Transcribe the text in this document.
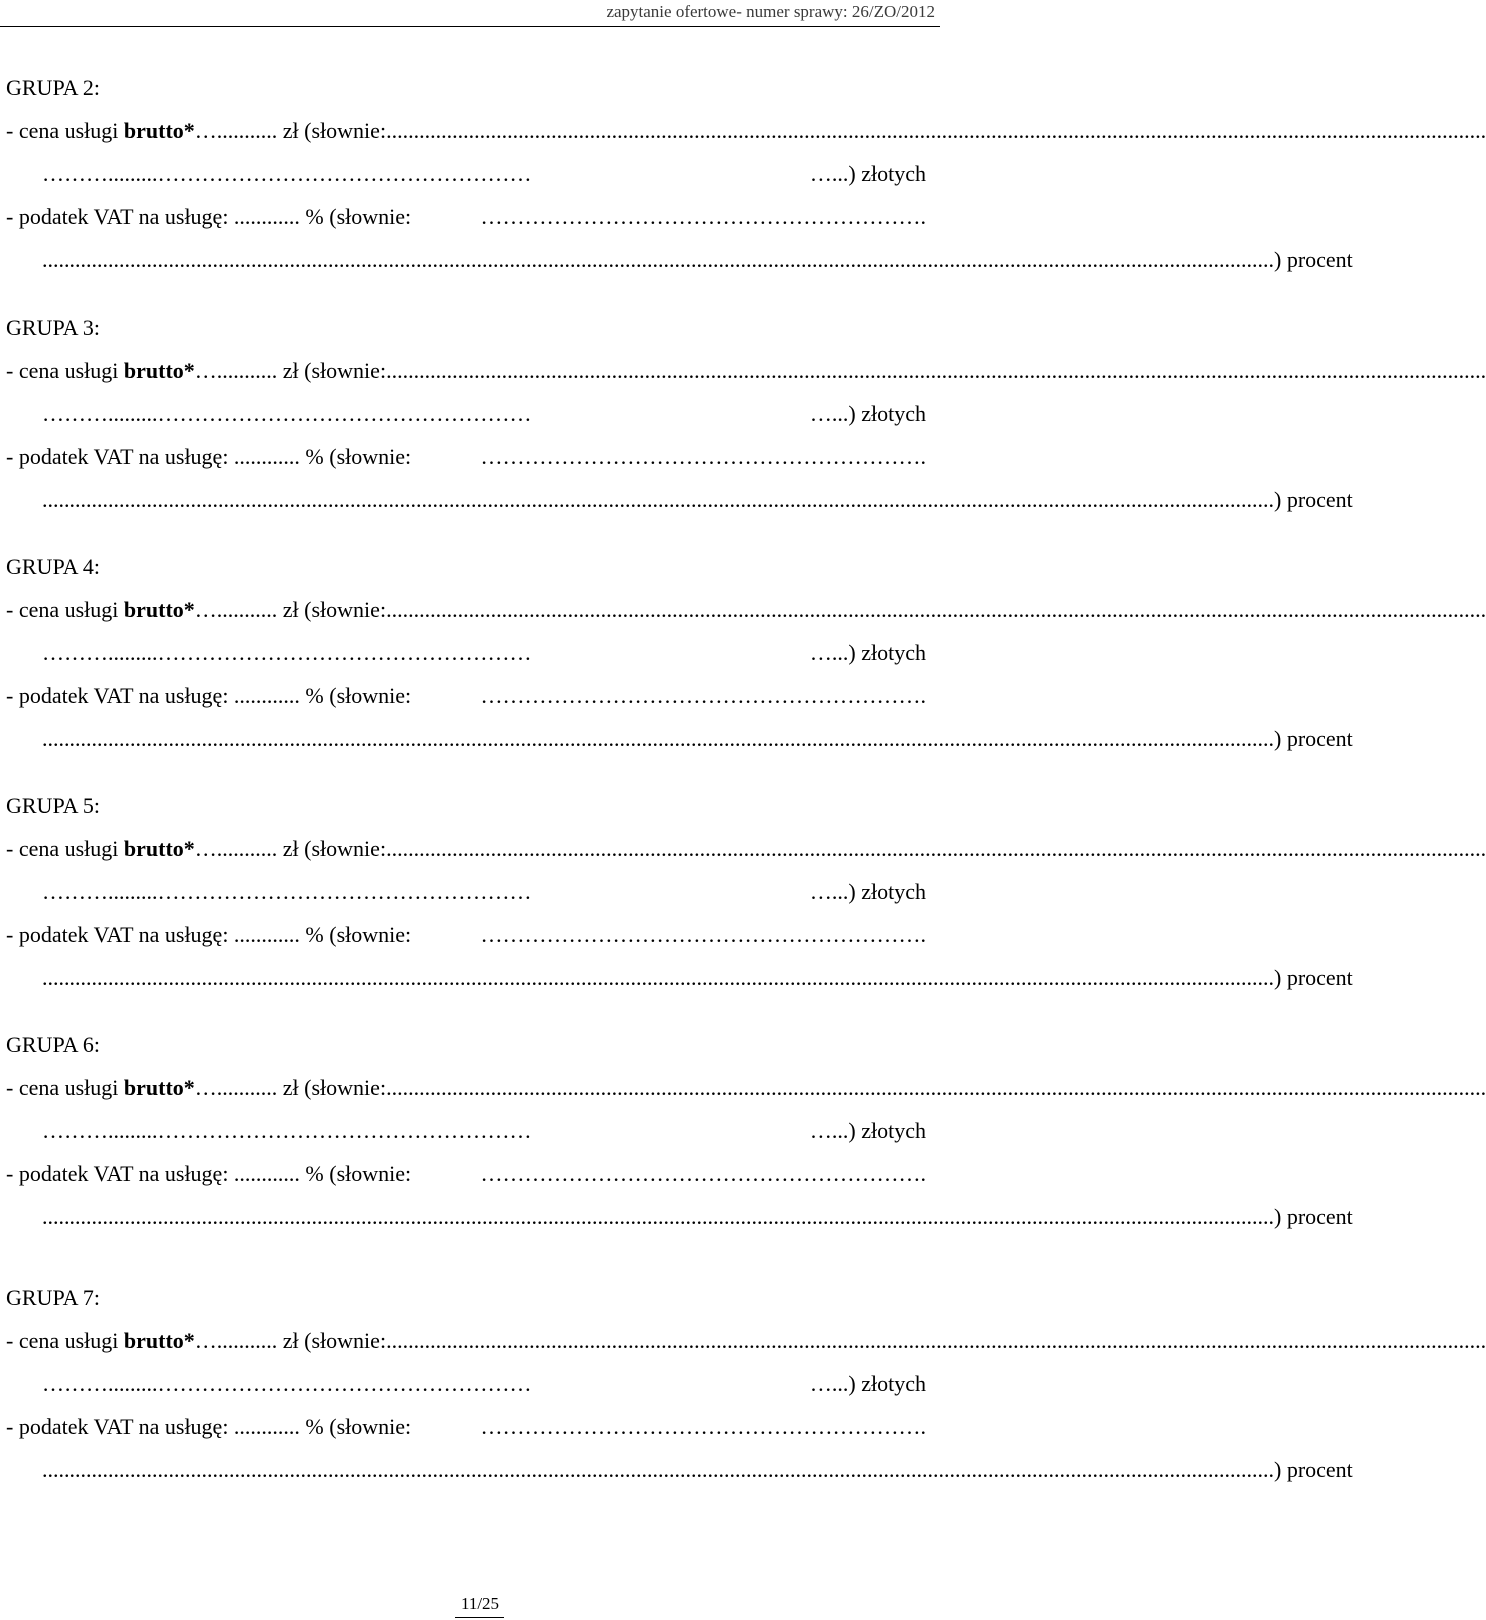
zapytanie ofertowe- numer sprawy: 26/ZO/2012
GRUPA 2:
- cena usługi brutto*…........... zł (słownie: ........................................................................................................................................................................................................
……….........……………………………………………	…...) złotych
- podatek VAT na usługę: ............ % (słownie:	…………………………………………………….
............................................................................................................................................................................................................................ ....) procent
GRUPA 3:
- cena usługi brutto*…........... zł (słownie: ........................................................................................................................................................................................................
……….........……………………………………………	…...) złotych
- podatek VAT na usługę: ............ % (słownie:	…………………………………………………….
............................................................................................................................................................................................................................ ....) procent
GRUPA 4:
- cena usługi brutto*…........... zł (słownie: ........................................................................................................................................................................................................
……….........……………………………………………	…...) złotych
- podatek VAT na usługę: ............ % (słownie:	…………………………………………………….
............................................................................................................................................................................................................................ ....) procent
GRUPA 5:
- cena usługi brutto*…........... zł (słownie: ........................................................................................................................................................................................................
……….........……………………………………………	…...) złotych
- podatek VAT na usługę: ............ % (słownie:	…………………………………………………….
............................................................................................................................................................................................................................ ....) procent
GRUPA 6:
- cena usługi brutto*…........... zł (słownie: ........................................................................................................................................................................................................
……….........……………………………………………	…...) złotych
- podatek VAT na usługę: ............ % (słownie:	…………………………………………………….
............................................................................................................................................................................................................................ ....) procent
GRUPA 7:
- cena usługi brutto*…........... zł (słownie: ........................................................................................................................................................................................................
……….........……………………………………………	…...) złotych
- podatek VAT na usługę: ............ % (słownie:	…………………………………………………….
............................................................................................................................................................................................................................ ....) procent
11/25
